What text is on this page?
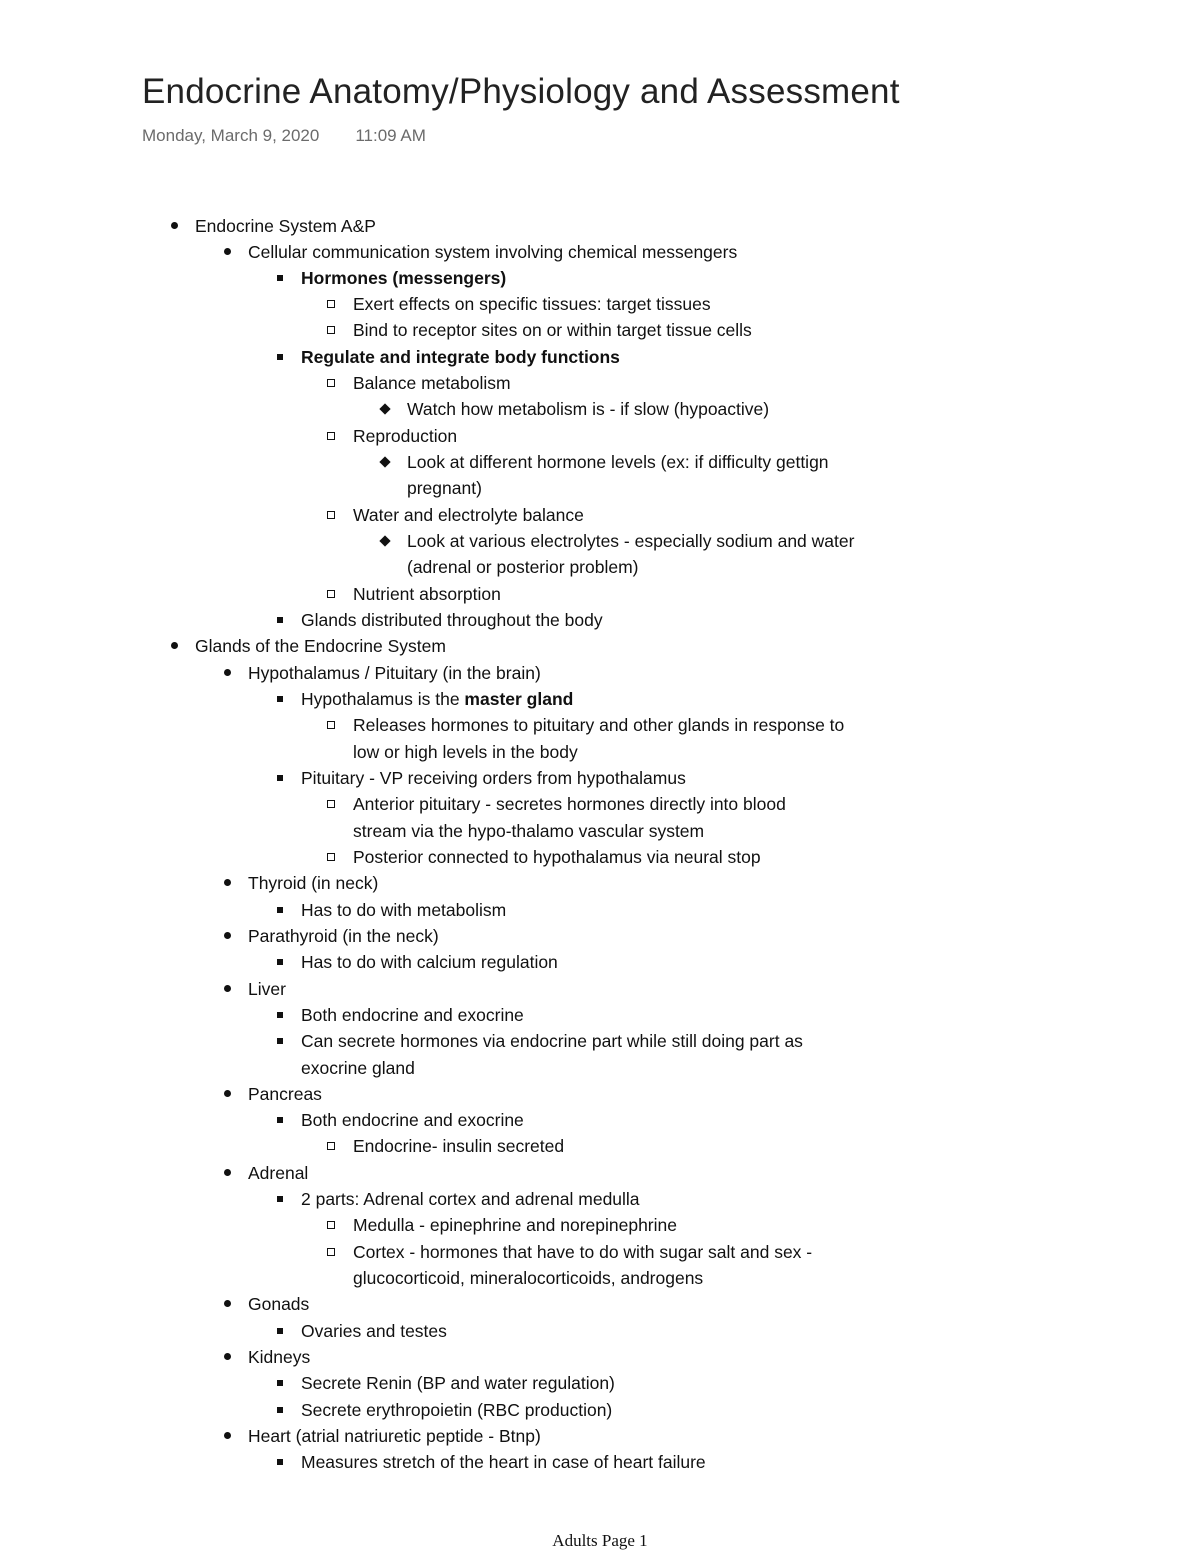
Endocrine Anatomy/Physiology and Assessment
Monday, March 9, 2020 11:09 AM
Endocrine System A&P
Cellular communication system involving chemical messengers
Hormones (messengers)
Exert effects on specific tissues: target tissues
Bind to receptor sites on or within target tissue cells
Regulate and integrate body functions
Balance metabolism
Watch how metabolism is - if slow (hypoactive)
Reproduction
Look at different hormone levels (ex: if difficulty gettign
pregnant)
Water and electrolyte balance
Look at various electrolytes - especially sodium and water
(adrenal or posterior problem)
Nutrient absorption
Glands distributed throughout the body
Glands of the Endocrine System
Hypothalamus / Pituitary (in the brain)
Hypothalamus is the master gland
Releases hormones to pituitary and other glands in response to
low or high levels in the body
Pituitary - VP receiving orders from hypothalamus
Anterior pituitary - secretes hormones directly into blood
stream via the hypo-thalamo vascular system
Posterior connected to hypothalamus via neural stop
Thyroid (in neck)
Has to do with metabolism
Parathyroid (in the neck)
Has to do with calcium regulation
Liver
Both endocrine and exocrine
Can secrete hormones via endocrine part while still doing part as
exocrine gland
Pancreas
Both endocrine and exocrine
Endocrine- insulin secreted
Adrenal
2 parts: Adrenal cortex and adrenal medulla
Medulla - epinephrine and norepinephrine
Cortex - hormones that have to do with sugar salt and sex -
glucocorticoid, mineralocorticoids, androgens
Gonads
Ovaries and testes
Kidneys
Secrete Renin (BP and water regulation)
Secrete erythropoietin (RBC production)
Heart (atrial natriuretic peptide - Btnp)
Measures stretch of the heart in case of heart failure
Adults Page 1
